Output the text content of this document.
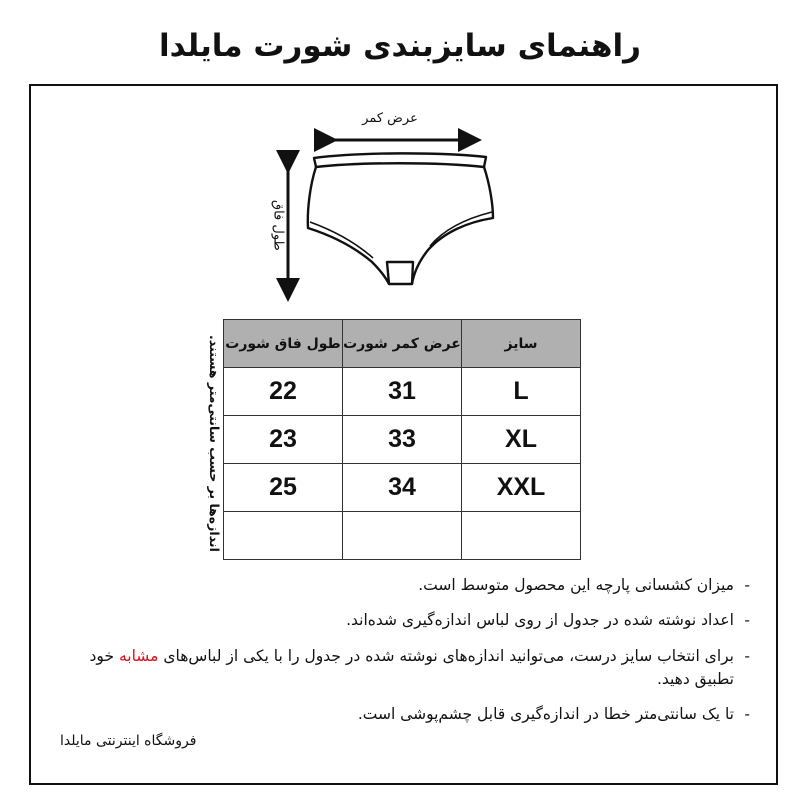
راهنمای سایزبندی شورت مایلدا
عرض کمر
طول فاق
اندازه‌ها بر حسب سانتی‌متر هستند.	سایز	عرض کمر شورت	طول فاق شورت
L	31	22
XL	33	23
XXL	34	25

-
میزان کشسانی پارچه این محصول متوسط است.
-
اعداد نوشته شده در جدول از روی لباس اندازه‌گیری شده‌اند.
-
برای انتخاب سایز درست، می‌توانید اندازه‌های نوشته شده در جدول را با یکی از لباس‌های مشابه خود تطبیق دهید.
-
تا یک سانتی‌متر خطا در اندازه‌گیری قابل چشم‌پوشی است.
فروشگاه اینترنتی مایلدا
